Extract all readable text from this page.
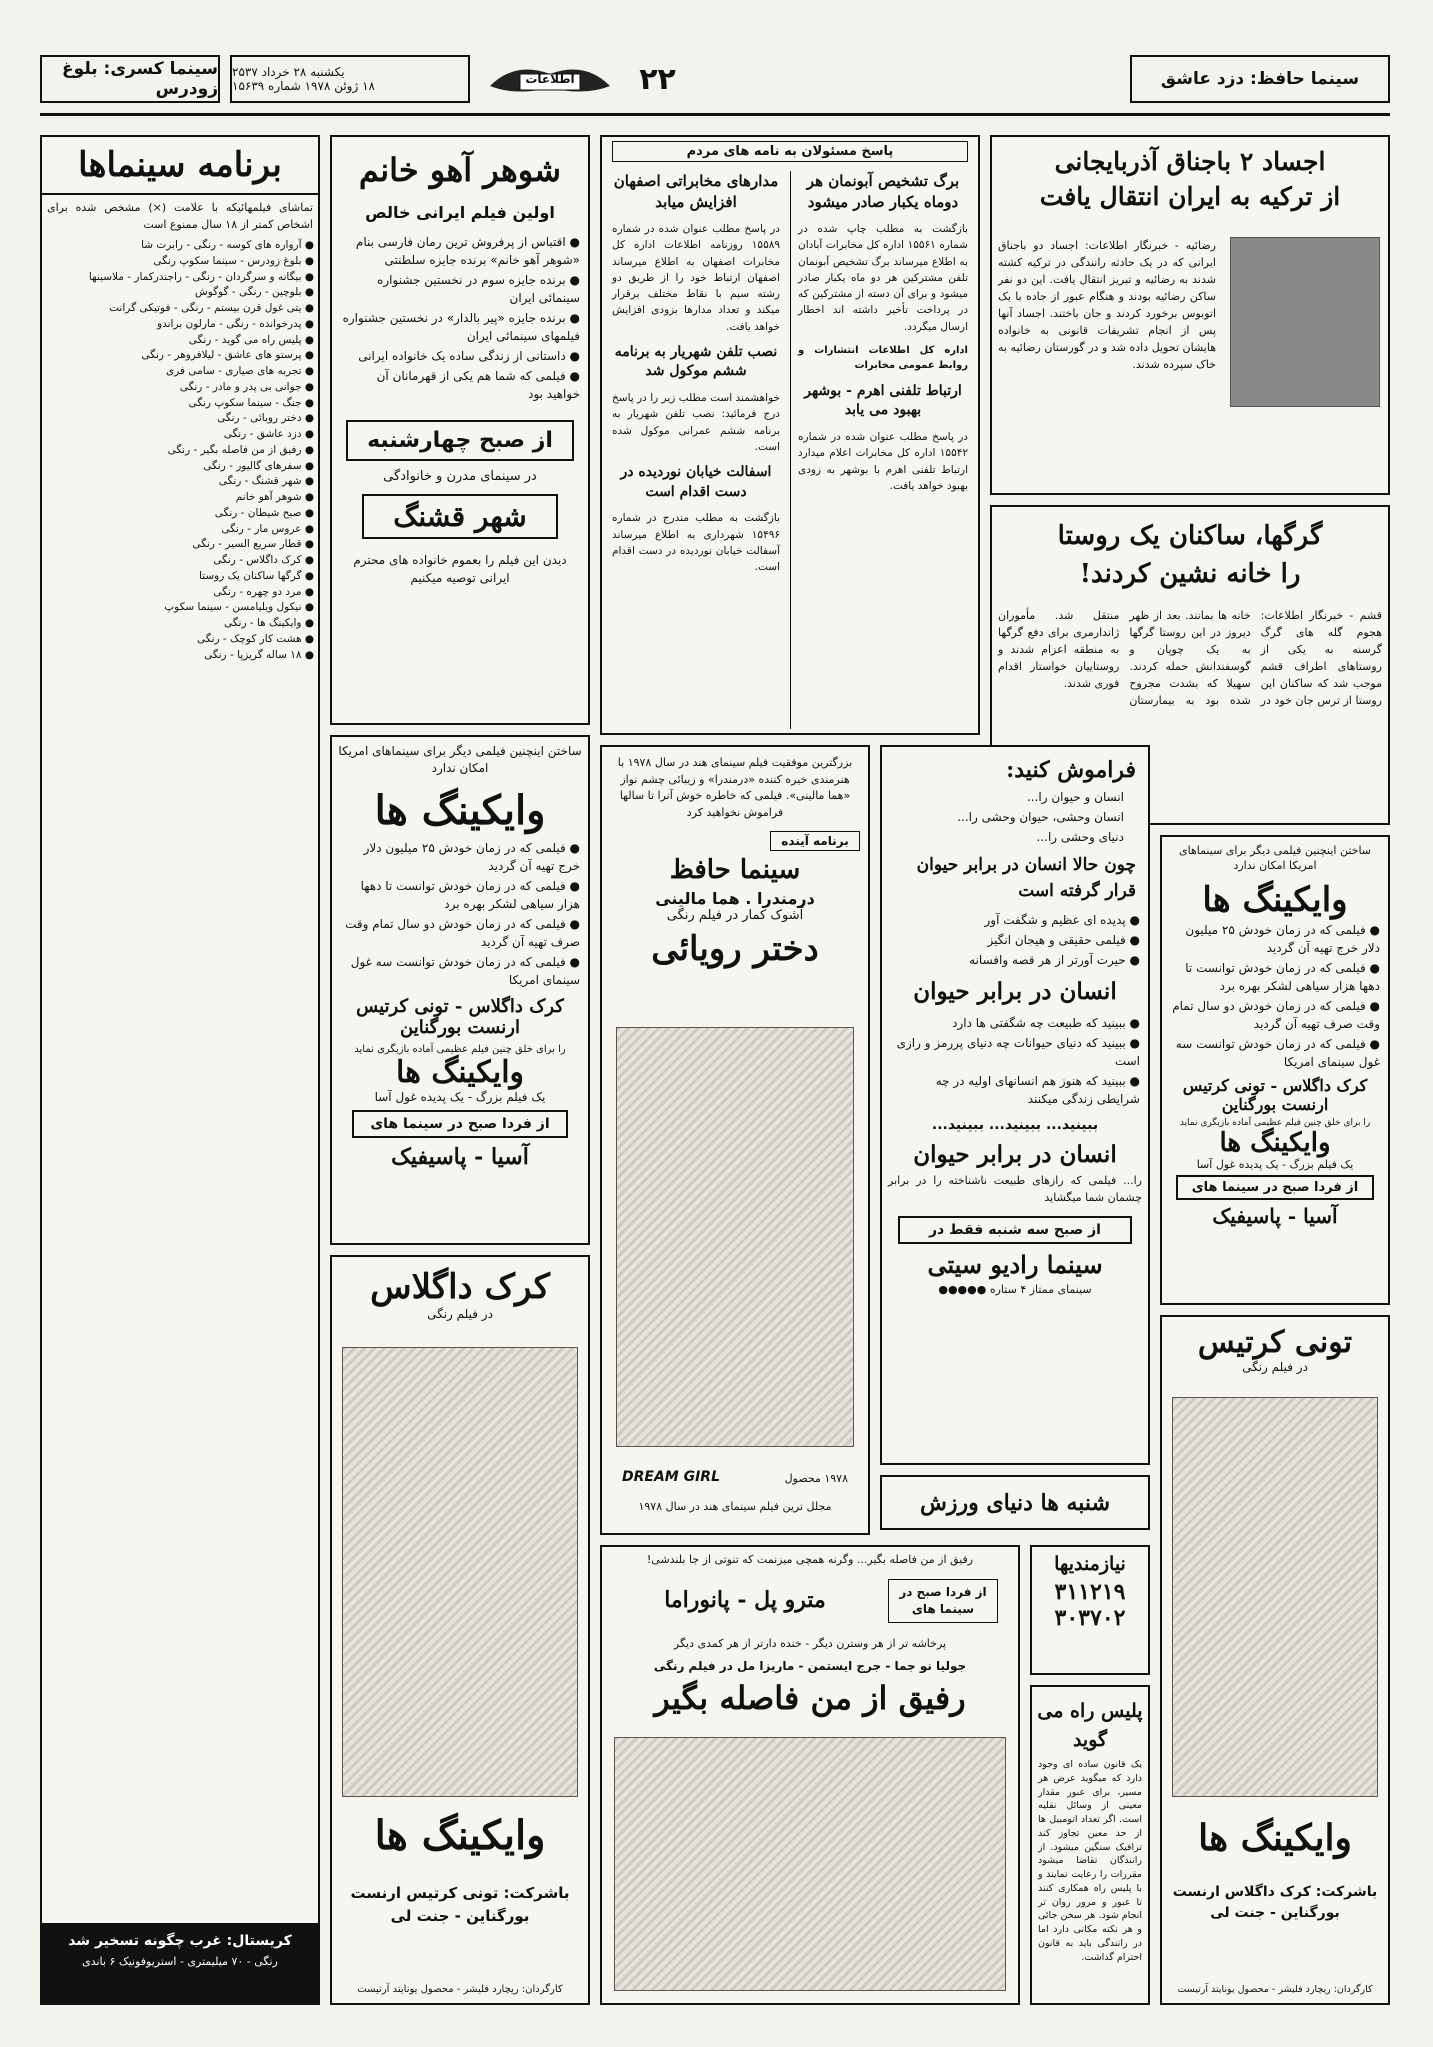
سینما کسری: بلوغ زودرس
یکشنبه ۲۸ خرداد ۲۵۳۷
۱۸ ژوئن ۱۹۷۸ شماره ۱۵۶۳۹	اطلاعات ۲۲	سینما حافظ: دزد عاشق
برنامه سینماها
تماشای فیلمهائیکه با علامت (×) مشخص شده برای اشخاص کمتر از ۱۸ سال ممنوع است
● آرواره های کوسه - رنگی - رابرت شا
● بلوغ زودرس - سینما سکوپ رنگی
● بیگانه و سرگردان - رنگی - راجندرکمار - ملاسینها
● بلوچین - رنگی - گوگوش
● یتی غول قرن بیستم - رنگی - فوتیکی گرانت
● پدرخوانده - رنگی - مارلون براندو
● پلیس راه می گوید - رنگی
● پرستو های عاشق - لیلافروهر - رنگی
● تجربه های صیاری - سامی فری
● جوانی بی پدر و مادر - رنگی
● جنگ - سینما سکوپ رنگی
● دختر روبائی - رنگی
● دزد عاشق - رنگی
● رفیق از من فاصله بگیر - رنگی
● سفرهای گالیور - رنگی
● شهر قشنگ - رنگی
● شوهر آهو خانم
● صبح شیطان - رنگی
● عروس مار - رنگی
● قطار سریع السیر - رنگی
● کرک داگلاس - رنگی
● گرگها ساکنان یک روستا
● مرد دو چهره - رنگی
● نیکول ویلیامسن - سینما سکوپ
● وایکینگ ها - رنگی
● هشت کار کوچک - رنگی
● ۱۸ ساله گریزپا - رنگی
کریستال: غرب چگونه تسخیر شد
رنگی - ۷۰ میلیمتری - استریوفونیک ۶ باندی
شوهر آهو خانم
اولین فیلم ایرانی خالص
● اقتباس از پرفروش ترین رمان فارسی بنام «شوهر آهو خانم» برنده جایزه سلطنتی
● برنده جایزه سوم در نخستین جشنواره سینمائی ایران
● برنده جایزه «پیر بالدار» در نخستین جشنواره فیلمهای سینمائی ایران
● داستانی از زندگی ساده یک خانواده ایرانی
● فیلمی که شما هم یکی از قهرمانان آن خواهید بود
از صبح چهارشنبه
در سینمای مدرن و خانوادگی
شهر قشنگ
دیدن این فیلم را بعموم خانواده های محترم ایرانی توصیه میکنیم
ساختن اینچنین فیلمی دیگر برای سینماهای امریکا امکان ندارد
وایکینگ ها
● فیلمی که در زمان خودش ۲۵ میلیون دلار خرج تهیه آن گردید
● فیلمی که در زمان خودش توانست تا دهها هزار سیاهی لشکر بهره برد
● فیلمی که در زمان خودش دو سال تمام وقت صرف تهیه آن گردید
● فیلمی که در زمان خودش توانست سه غول سینمای امریکا
کرک داگلاس - تونی کرتیس ارنست بورگناین
را برای خلق چنین فیلم عظیمی آماده بازیگری نماید
وایکینگ ها
یک فیلم بزرگ - یک پدیده غول آسا
از فردا صبح در سینما های
آسیا - پاسیفیک
کرک داگلاس
در فیلم رنگی
وایکینگ ها
باشرکت: تونی کرتیس ارنست بورگناین - جنت لی
کارگردان: ریچارد فلیشر - محصول یونایتد آرتیست
پاسخ مسئولان به نامه های مردم
برگ تشخیص آبونمان هر دوماه یکبار صادر میشود
بازگشت به مطلب چاپ شده در شماره ۱۵۵۶۱ اداره کل مخابرات آبادان به اطلاع میرساند برگ تشخیص آبونمان تلفن مشترکین هر دو ماه یکبار صادر میشود و برای آن دسته از مشترکین که در پرداخت تأخیر داشته اند اخطار ارسال میگردد.
اداره کل اطلاعات انتشارات و روابط عمومی مخابرات
ارتباط تلفنی اهرم - بوشهر بهبود می یابد
در پاسخ مطلب عنوان شده در شماره ۱۵۵۴۲ اداره کل مخابرات اعلام میدارد ارتباط تلفنی اهرم با بوشهر به زودی بهبود خواهد یافت.
مدارهای مخابراتی اصفهان افزایش میابد
در پاسخ مطلب عنوان شده در شماره ۱۵۵۸۹ روزنامه اطلاعات اداره کل مخابرات اصفهان به اطلاع میرساند اصفهان ارتباط خود را از طریق دو رشته سیم با نقاط مختلف برقرار میکند و تعداد مدارها بزودی افزایش خواهد یافت.
نصب تلفن شهریار به برنامه ششم موکول شد
خواهشمند است مطلب زیر را در پاسخ درج فرمائید: نصب تلفن شهریار به برنامه ششم عمرانی موکول شده است.
اسفالت خیابان نوردیده در دست اقدام است
بازگشت به مطلب مندرج در شماره ۱۵۴۹۶ شهرداری به اطلاع میرساند آسفالت خیابان نوردیده در دست اقدام است.
اجساد ۲ باجناق آذربایجانی
از ترکیه به ایران انتقال یافت
رضائیه - خبرنگار اطلاعات: اجساد دو باجناق ایرانی که در یک حادثه رانندگی در ترکیه کشته شدند به رضائیه و تبریز انتقال یافت. این دو نفر ساکن رضائیه بودند و هنگام عبور از جاده با یک اتوبوس برخورد کردند و جان باختند. اجساد آنها پس از انجام تشریفات قانونی به خانواده هایشان تحویل داده شد و در گورستان رضائیه به خاک سپرده شدند.
گرگها، ساکنان یک روستا
را خانه نشین کردند!
قشم - خبرنگار اطلاعات: هجوم گله های گرگ گرسنه به یکی از روستاهای اطراف قشم موجب شد که ساکنان این روستا از ترس جان خود در خانه ها بمانند. بعد از ظهر دیروز در این روستا گرگها به یک چوپان و گوسفندانش حمله کردند. سهیلا که بشدت مجروح شده بود به بیمارستان منتقل شد. مأموران ژاندارمری برای دفع گرگها به منطقه اعزام شدند و روستاییان خواستار اقدام فوری شدند.
بزرگترین موفقیت فیلم سینمای هند در سال ۱۹۷۸ با هنرمندی خیره کننده «درمندرا» و زیبائی چشم نواز «هما مالینی». فیلمی که خاطره خوش آنرا تا سالها فراموش نخواهید کرد
برنامه آینده
سینما حافظ
درمندرا . هما مالینی
آشوک کمار در فیلم رنگی
دختر رویائی
DREAM GIRL	۱۹۷۸ محصول
مجلل ترین فیلم سینمای هند در سال ۱۹۷۸
فراموش کنید:
انسان و حیوان را...
انسان وحشی، حیوان وحشی را...
دنیای وحشی را...
چون حالا انسان در برابر حیوان قرار گرفته است
● پدیده ای عظیم و شگفت آور
● فیلمی حقیقی و هیجان انگیز
● حیرت آورتر از هر قصه وافسانه
انسان در برابر حیوان
● ببینید که طبیعت چه شگفتی ها دارد
● ببینید که دنیای حیوانات چه دنیای پررمز و رازی است
● ببینید که هنوز هم انسانهای اولیه در چه شرایطی زندگی میکنند
ببینید... ببینید... ببینید...
انسان در برابر حیوان
را... فیلمی که رازهای طبیعت ناشناخته را در برابر چشمان شما میگشاید
از صبح سه شنبه فقط در
سینما رادیو سیتی
سینمای ممتاز ۴ ستاره ●●●●●
شنبه ها دنیای ورزش
رفیق از من فاصله بگیر... وگرنه همچی میزنمت که تنوتی از جا بلندشی!
از فردا صبح در سینما های
مترو پل - پانوراما
پرخاشه تر از هر وسترن دیگر - خنده دارتر از هر کمدی دیگر
جولیا نو جما - جرج ایستمن - ماریزا مل در فیلم رنگی
رفیق از من فاصله بگیر
نیازمندیها
۳۱۱۲۱۹
۳۰۳۷۰۲
پلیس راه می گوید
یک قانون ساده ای وجود دارد که میگوید عرض هر مسیر، برای عبور مقدار معینی از وسائل نقلیه است. اگر تعداد اتومبیل ها از حد معین تجاوز کند ترافیک سنگین میشود. از رانندگان تقاضا میشود مقررات را رعایت نمایند و با پلیس راه همکاری کنند تا عبور و مرور روان تر انجام شود. هر سخن جائی و هر نکته مکانی دارد اما در رانندگی باید به قانون احترام گذاشت.
ساختن اینچنین فیلمی دیگر برای سینماهای امریکا امکان ندارد
وایکینگ ها
● فیلمی که در زمان خودش ۲۵ میلیون دلار خرج تهیه آن گردید
● فیلمی که در زمان خودش توانست تا دهها هزار سیاهی لشکر بهره برد
● فیلمی که در زمان خودش دو سال تمام وقت صرف تهیه آن گردید
● فیلمی که در زمان خودش توانست سه غول سینمای امریکا
کرک داگلاس - تونی کرتیس ارنست بورگناین
را برای خلق چنین فیلم عظیمی آماده بازیگری نماید
وایکینگ ها
یک فیلم بزرگ - یک پدیده غول آسا
از فردا صبح در سینما های
آسیا - پاسیفیک
تونی کرتیس
در فیلم رنگی
وایکینگ ها
باشرکت: کرک داگلاس ارنست بورگناین - جنت لی
کارگردان: ریچارد فلیشر - محصول یونایتد آرتیست
